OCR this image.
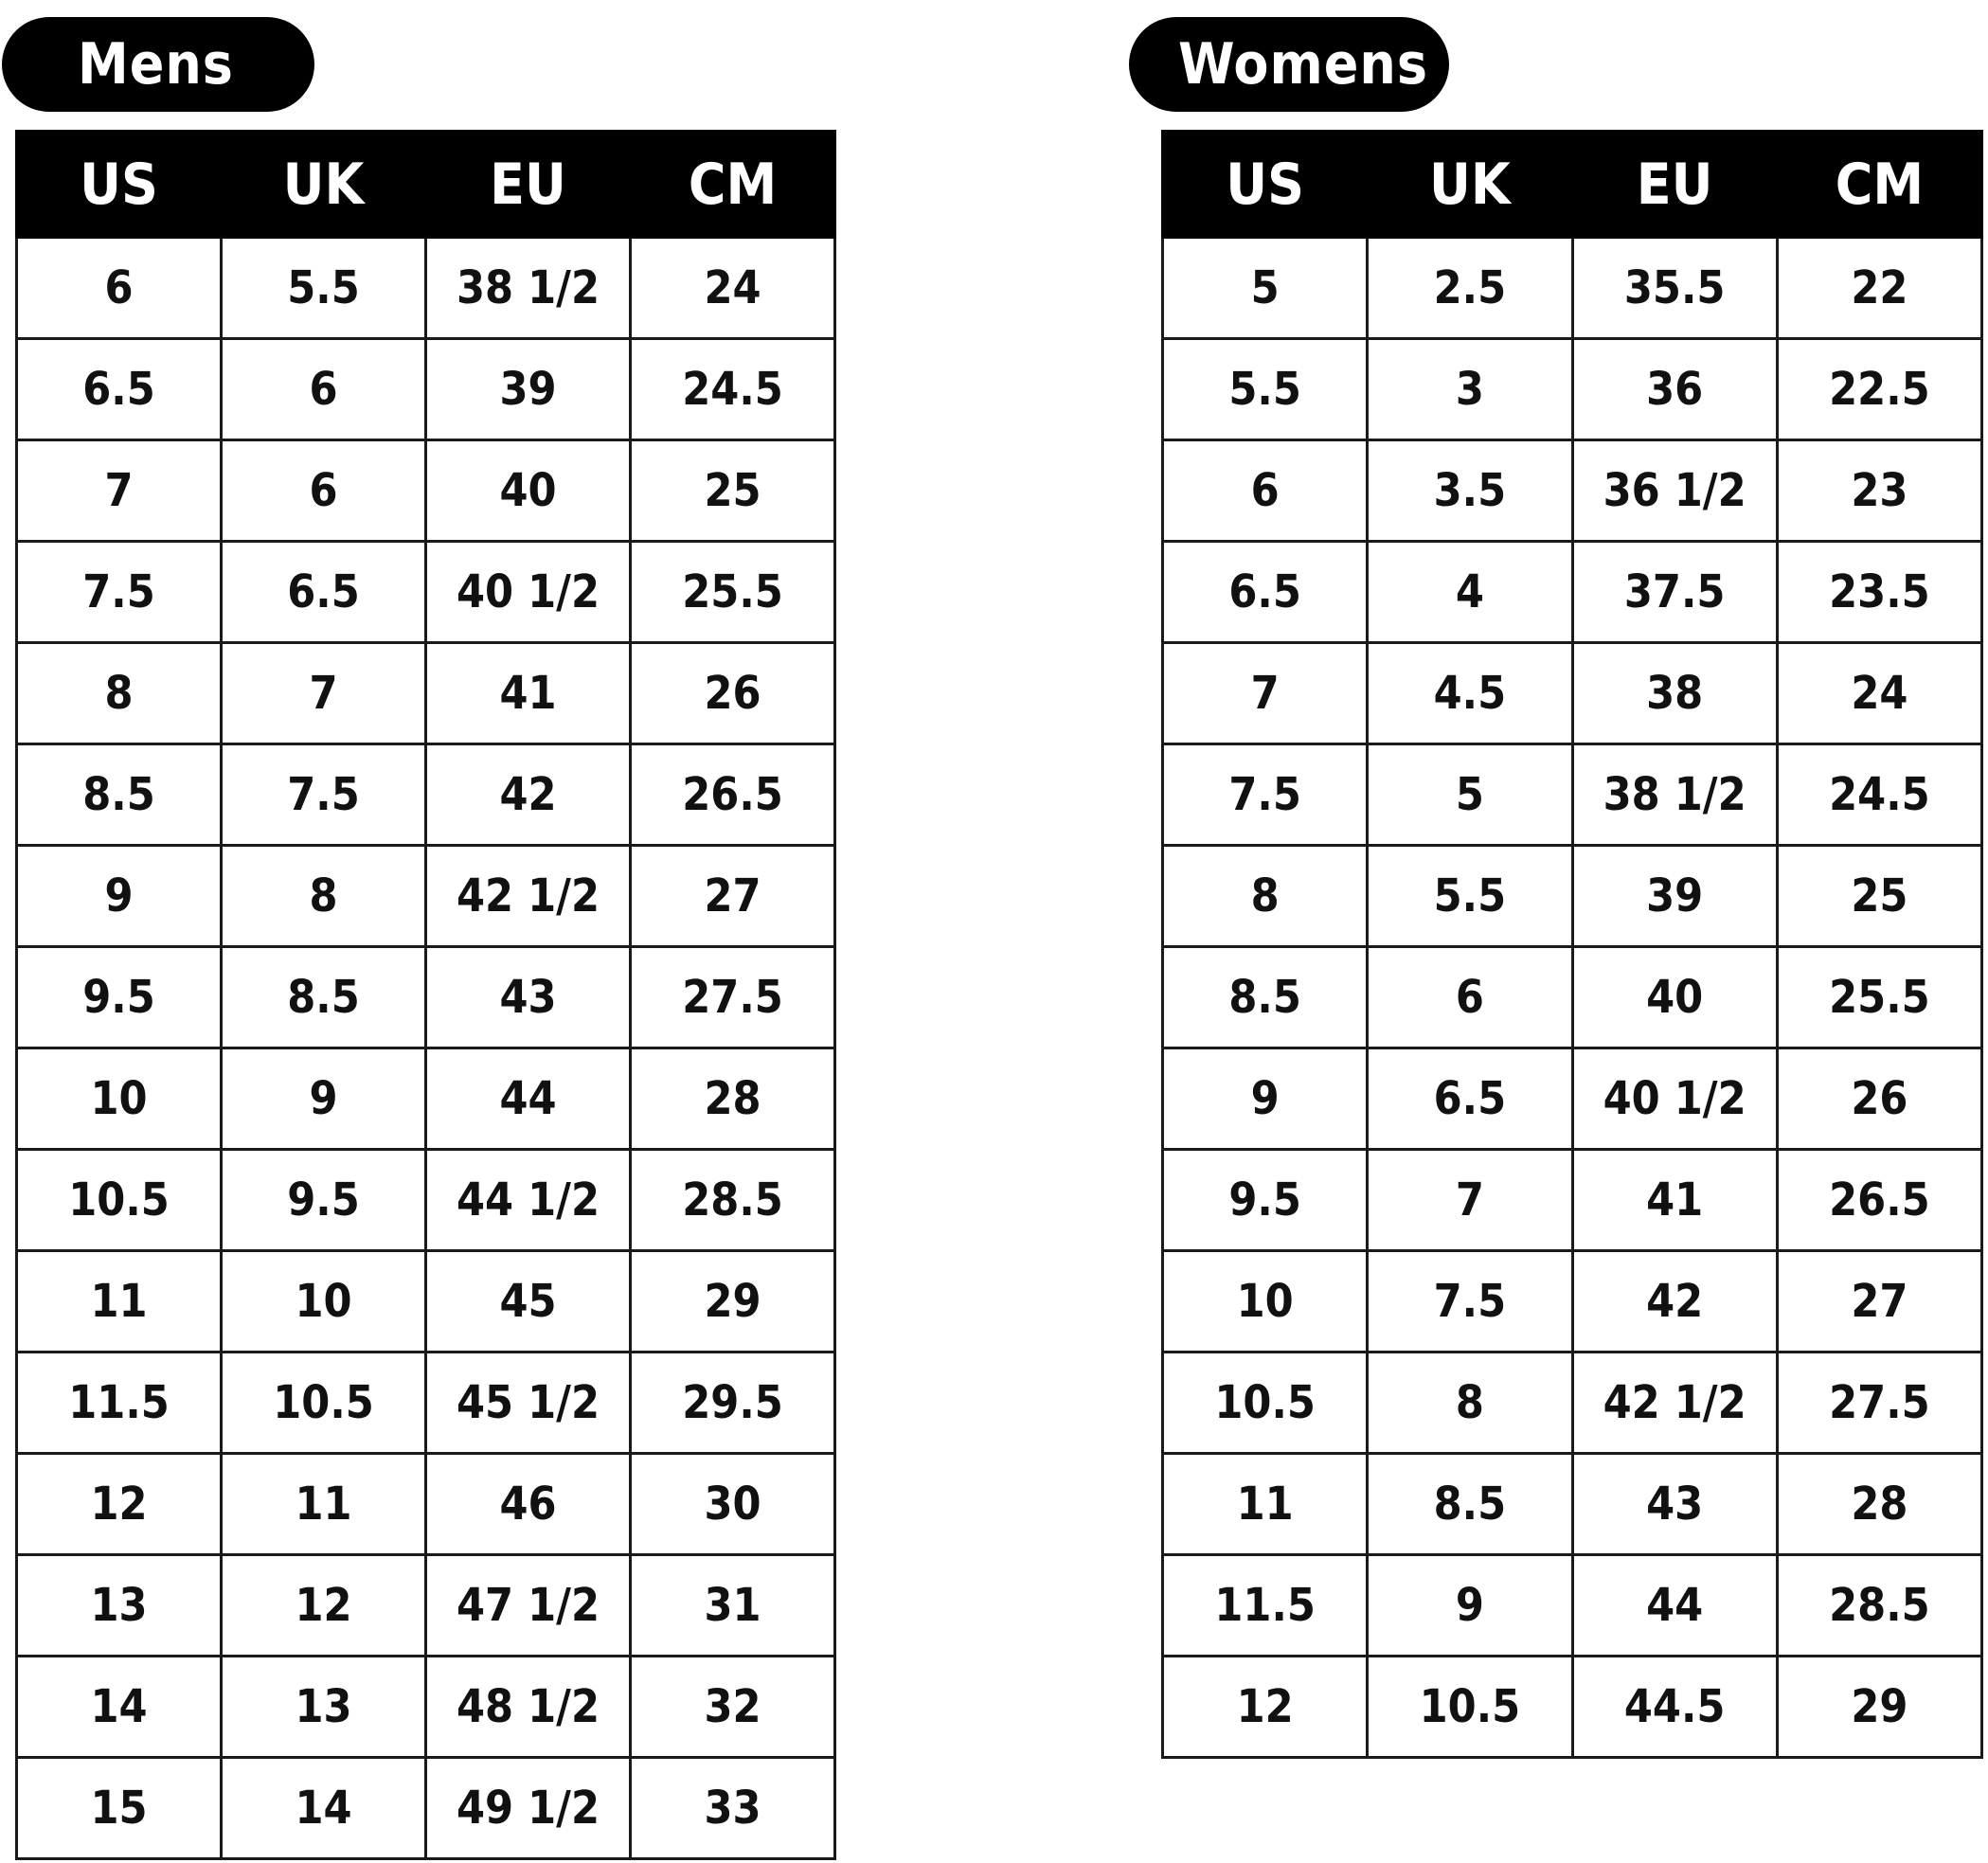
Mens
US	UK	EU	CM
6	5.5	38 1/2	24
6.5	6	39	24.5
7	6	40	25
7.5	6.5	40 1/2	25.5
8	7	41	26
8.5	7.5	42	26.5
9	8	42 1/2	27
9.5	8.5	43	27.5
10	9	44	28
10.5	9.5	44 1/2	28.5
11	10	45	29
11.5	10.5	45 1/2	29.5
12	11	46	30
13	12	47 1/2	31
14	13	48 1/2	32
15	14	49 1/2	33
Womens
US	UK	EU	CM
5	2.5	35.5	22
5.5	3	36	22.5
6	3.5	36 1/2	23
6.5	4	37.5	23.5
7	4.5	38	24
7.5	5	38 1/2	24.5
8	5.5	39	25
8.5	6	40	25.5
9	6.5	40 1/2	26
9.5	7	41	26.5
10	7.5	42	27
10.5	8	42 1/2	27.5
11	8.5	43	28
11.5	9	44	28.5
12	10.5	44.5	29
